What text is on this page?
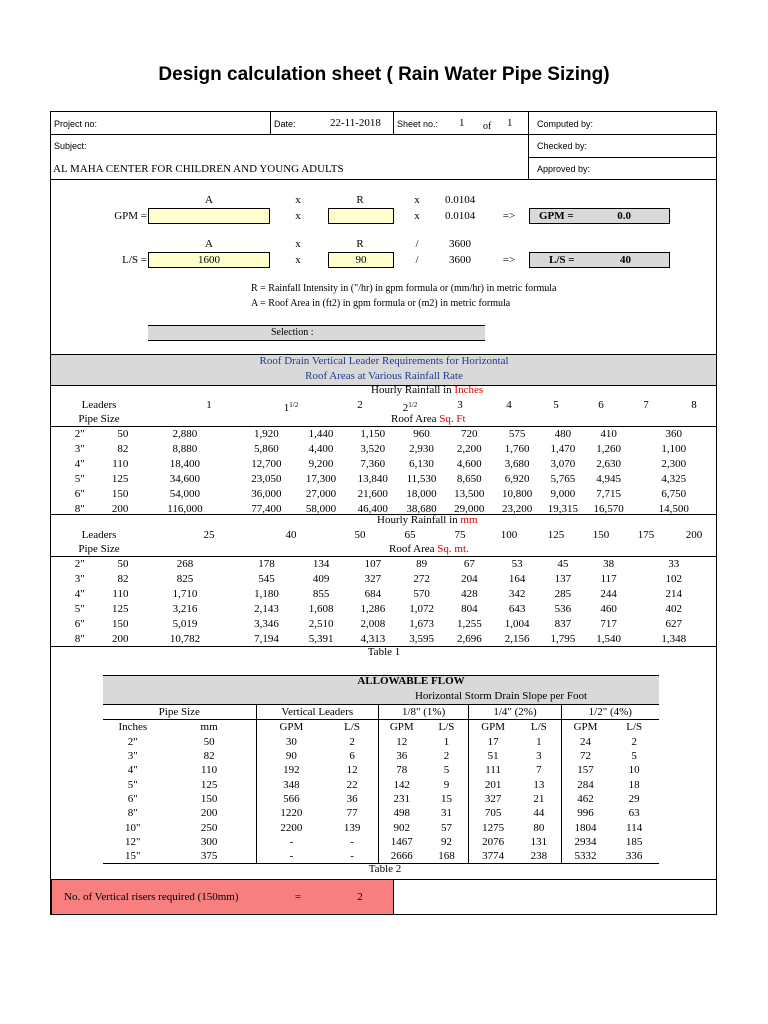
Design calculation sheet ( Rain Water Pipe Sizing)
Project no:	Date:	22-11-2018 Sheet no.: 1 of 1	Computed by:
Subject:	Checked by:
AL MAHA CENTER FOR CHILDREN AND YOUNG ADULTS	Approved by:
A	x	R	x 0.0104
GPM =	x	x 0.0104	=> GPM =	0.0
A	x	R	/	3600
L/S =	1600	x	90	/	3600	=>	L/S =	40
R = Rainfall Intensity in ("/hr) in gpm formula or (mm/hr) in metric formula
A = Roof Area in (ft2) in gpm formula or (m2) in metric formula
Selection :
Roof Drain Vertical Leader Requirements for Horizontal
Roof Areas at Various Rainfall Rate
Hourly Rainfall in Inches
Leaders
Pipe Size
1	$1^{1/2}$	2	$2^{1/2}$	3	4	5	6	7	8
Roof Area Sq. Ft
2"	50	2,880	1,920	1,440	1,150	960	720	575	480	410	360
3"	82	8,880	5,860	4,400	3,520	2,930	2,200	1,760	1,470	1,260	1,100
4"	110	18,400	12,700	9,200	7,360	6,130	4,600	3,680	3,070	2,630	2,300
5"	125	34,600	23,050	17,300	13,840	11,530	8,650	6,920	5,765	4,945	4,325
6"	150	54,000	36,000	27,000	21,600	18,000	13,500	10,800	9,000	7,715	6,750
8"	200	116,000	77,400	58,000	46,400	38,680	29,000	23,200	19,315	16,570	14,500
Hourly Rainfall in mm
Leaders
Pipe Size
25	40	50	65	75	100	125	150	175	200
Roof Area Sq. mt.
2"	50	268	178	134	107	89	67	53	45	38	33
3"	82	825	545	409	327	272	204	164	137	117	102
4"	110	1,710	1,180	855	684	570	428	342	285	244	214
5"	125	3,216	2,143	1,608	1,286	1,072	804	643	536	460	402
6"	150	5,019	3,346	2,510	2,008	1,673	1,255	1,004	837	717	627
8"	200	10,782	7,194	5,391	4,313	3,595	2,696	2,156	1,795	1,540	1,348
Table 1
ALLOWABLE FLOW
Horizontal Storm Drain Slope per Foot
Pipe Size		Vertical Leaders		1/8" (1%)		1/4" (2%)		1/2" (4%)	
Inches	mm	GPM	L/S	GPM	L/S	GPM	L/S	GPM	L/S
2"	50	30	2	12	1	17	1	24	2
3"	82	90	6	36	2	51	3	72	5
4"	110	192	12	78	5	111	7	157	10
5"	125	348	22	142	9	201	13	284	18
6"	150	566	36	231	15	327	21	462	29
8"	200	1220	77	498	31	705	44	996	63
10"	250	2200	139	902	57	1275	80	1804	114
12"	300	-	-	1467	92	2076	131	2934	185
15"	375	-	-	2666	168	3774	238	5332	336
Table 2
No. of Vertical risers required (150mm)	=	2
